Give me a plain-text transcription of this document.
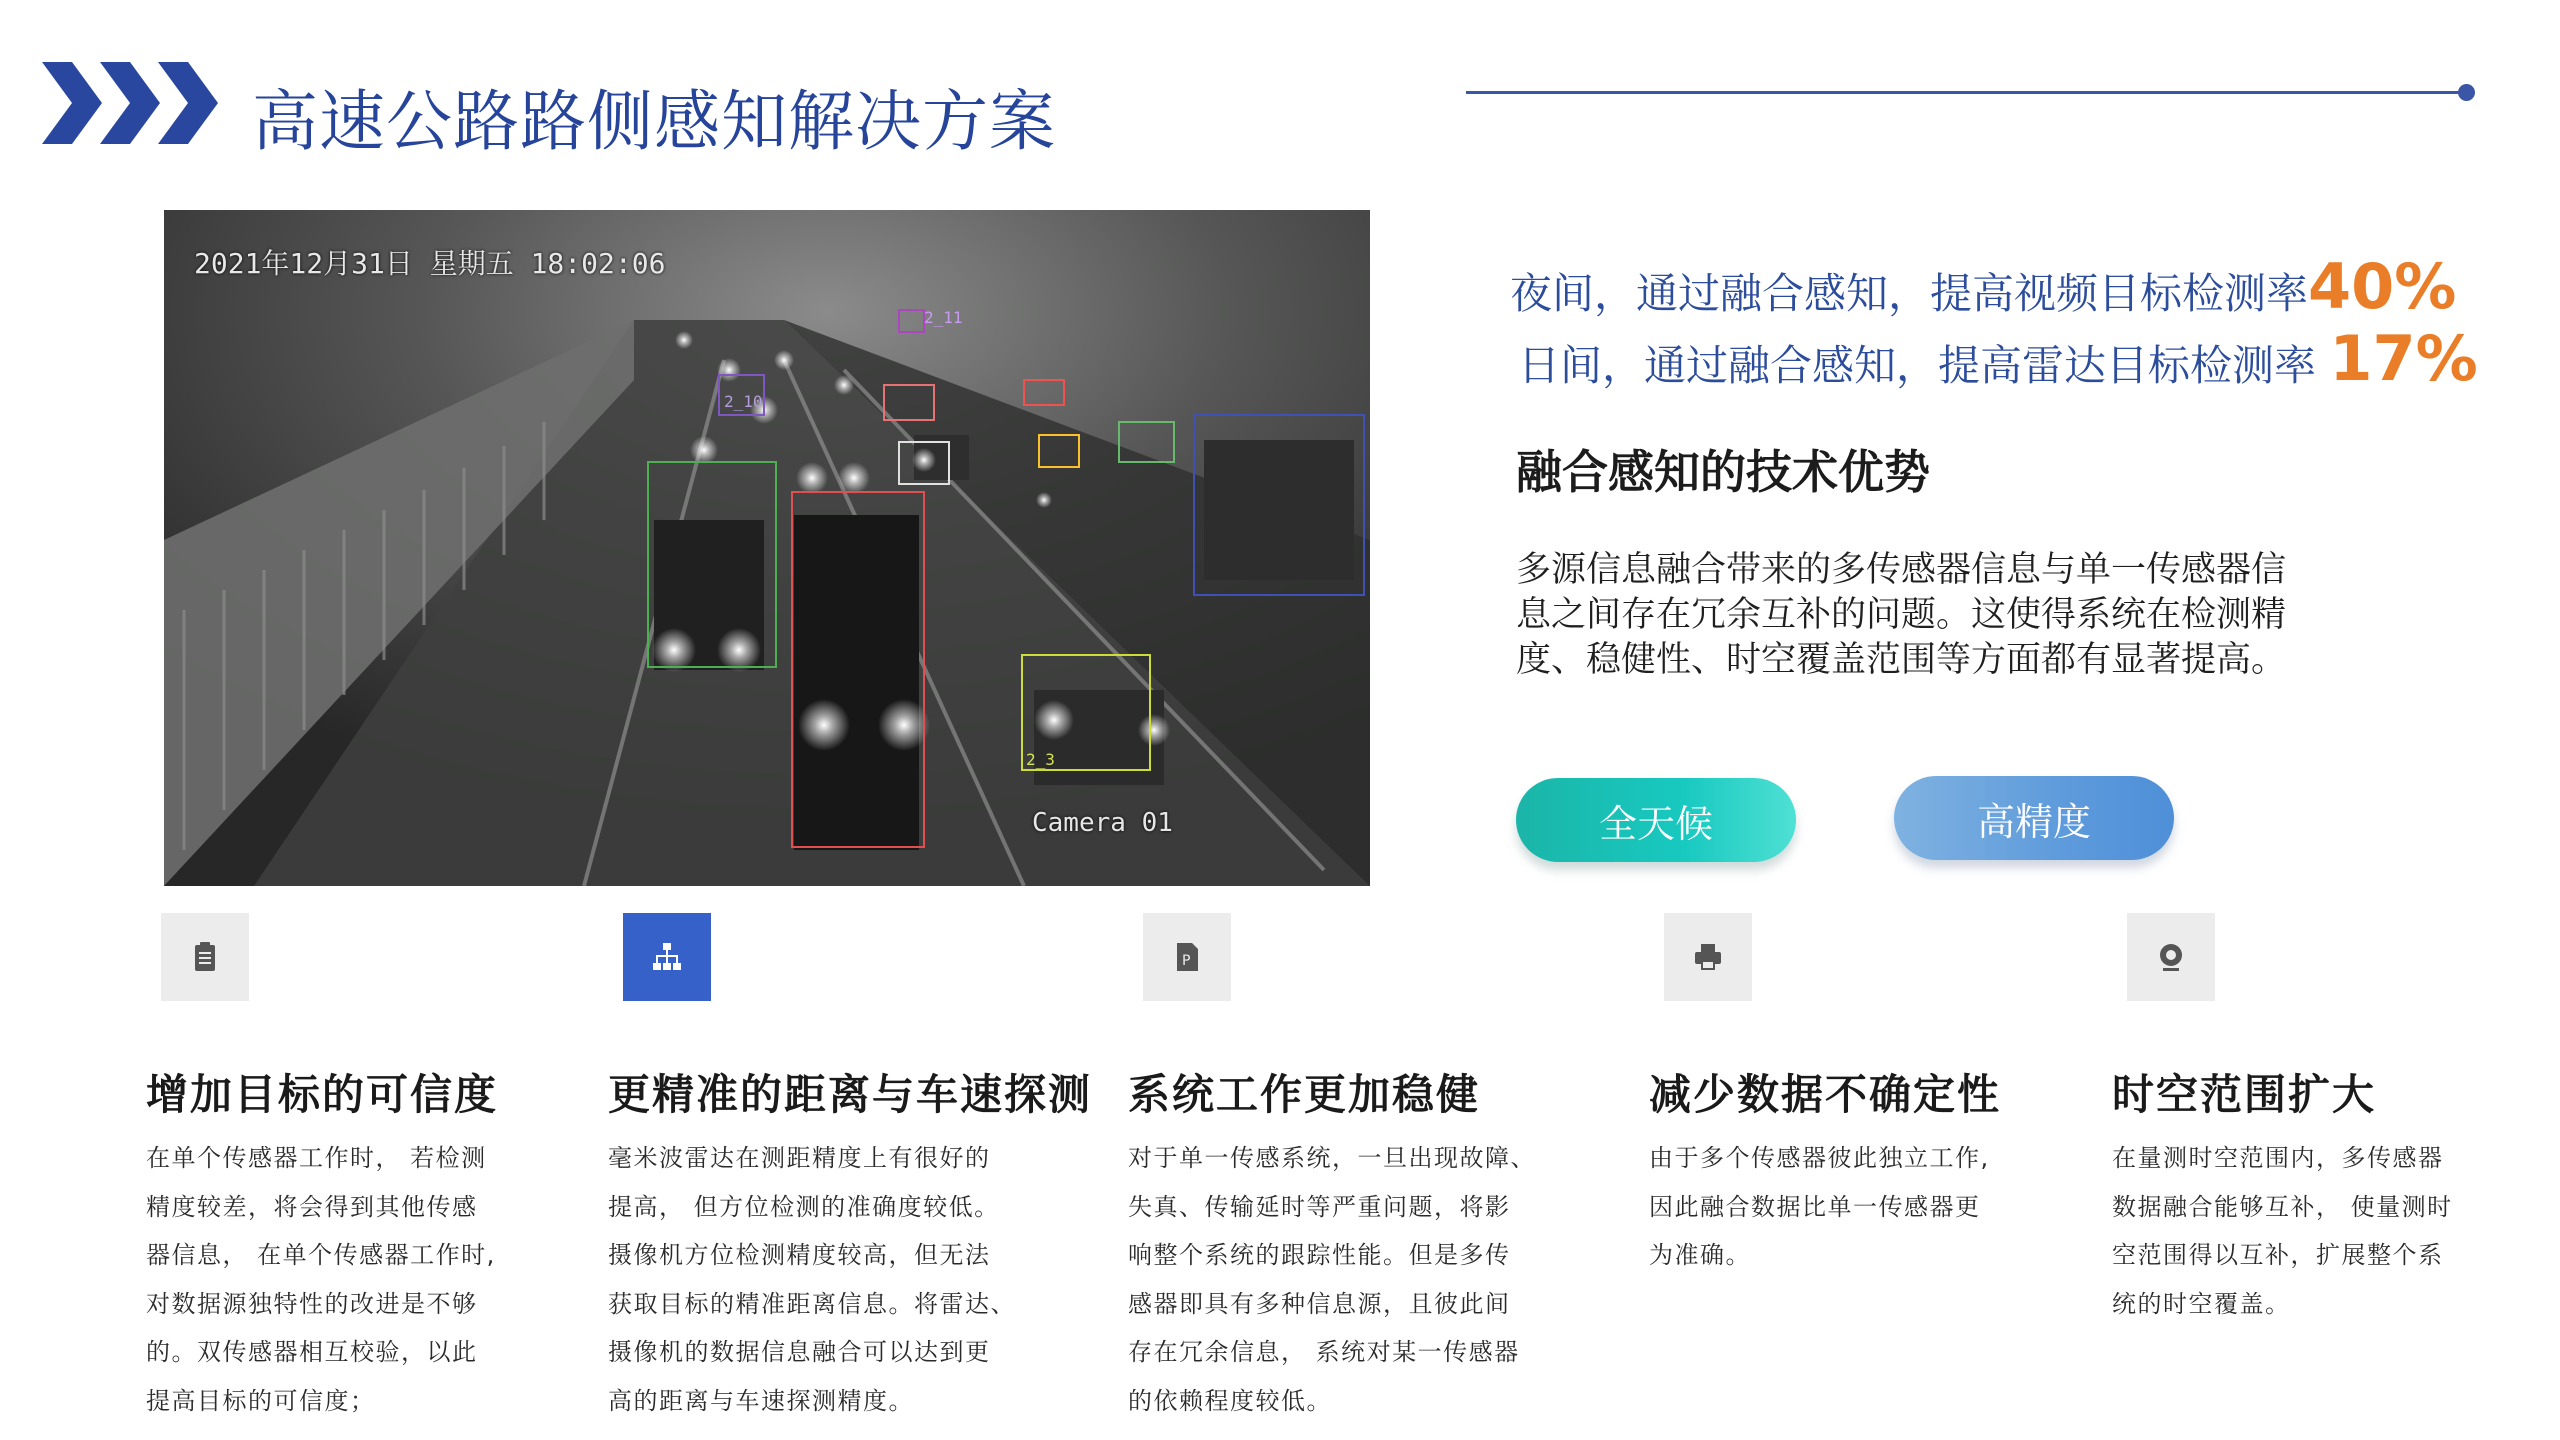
高速公路路侧感知解决方案
2021年12月31日 星期五 18:02:06
Camera 01
2_11
2_10
2_3
夜间，通过融合感知，提高视频目标检测率40%
日间，通过融合感知，提高雷达目标检测率 17%
融合感知的技术优势
多源信息融合带来的多传感器信息与单一传感器信息之间存在冗余互补的问题。这使得系统在检测精度、稳健性、时空覆盖范围等方面都有显著提高。
全天候	高精度
增加目标的可信度
在单个传感器工作时， 若检测
精度较差，将会得到其他传感
器信息， 在单个传感器工作时,
对数据源独特性的改进是不够
的。双传感器相互校验，以此
提高目标的可信度；
更精准的距离与车速探测
毫米波雷达在测距精度上有很好的
提高， 但方位检测的准确度较低。
摄像机方位检测精度较高，但无法
获取目标的精准距离信息。将雷达、
摄像机的数据信息融合可以达到更
高的距离与车速探测精度。
P
系统工作更加稳健
对于单一传感系统，一旦出现故障、
失真、传输延时等严重问题，将影
响整个系统的跟踪性能。但是多传
感器即具有多种信息源，且彼此间
存在冗余信息， 系统对某一传感器
的依赖程度较低。
减少数据不确定性
由于多个传感器彼此独立工作,
因此融合数据比单一传感器更
为准确。
时空范围扩大
在量测时空范围内，多传感器
数据融合能够互补， 使量测时
空范围得以互补，扩展整个系
统的时空覆盖。
